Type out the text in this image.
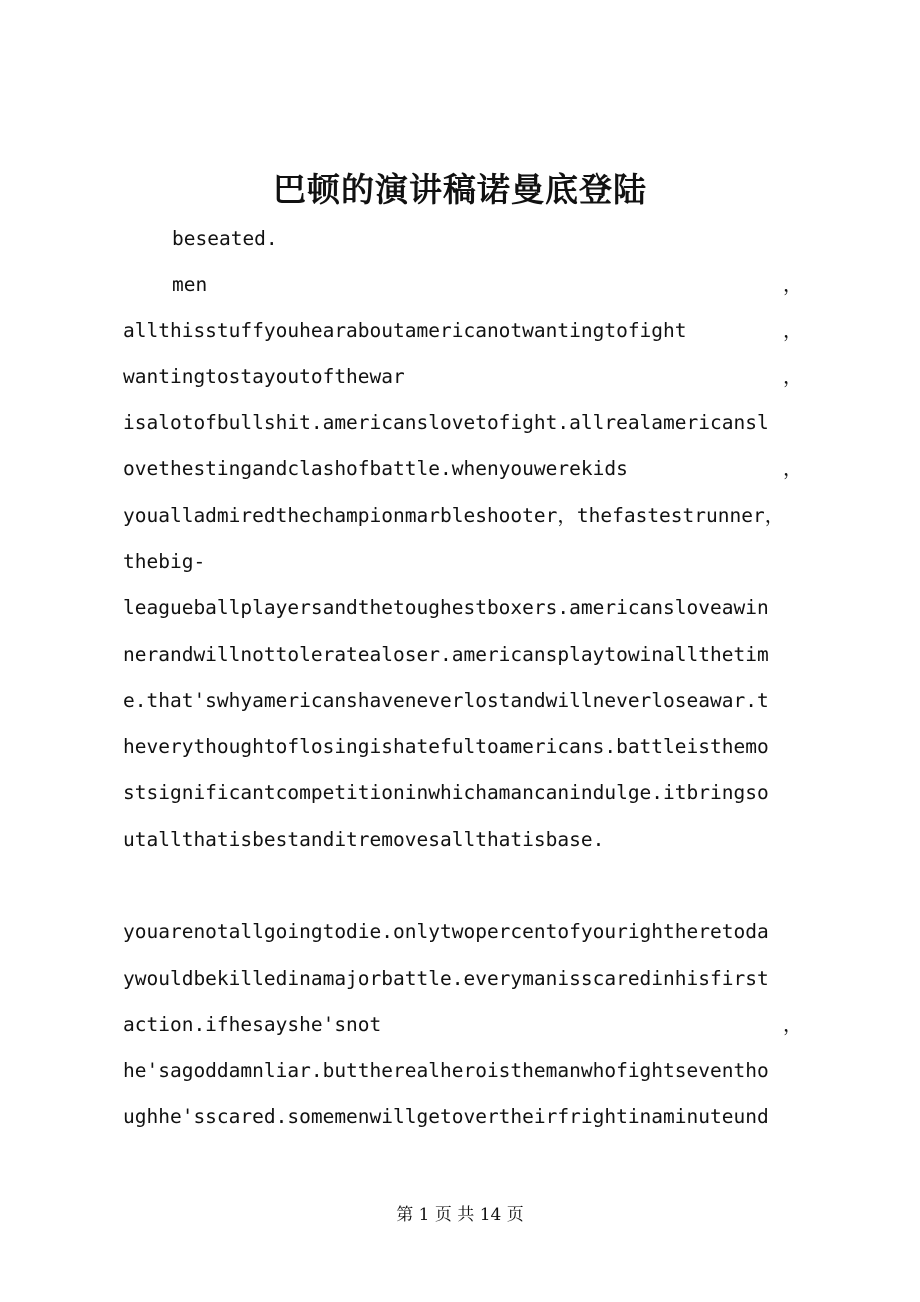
巴顿的演讲稿诺曼底登陆
beseated.
men	，
allthisstuffyouhearaboutamericanotwantingtofight	，
wantingtostayoutofthewar	，
isalotofbullshit.americanslovetofight.allrealamericansl
ovethestingandclashofbattle.whenyouwerekids	，
youalladmiredthechampionmarbleshooter，thefastestrunner，
thebig-
leagueballplayersandthetoughestboxers.americansloveawin
nerandwillnottoleratealoser.americansplaytowinallthetim
e.that'swhyamericanshaveneverlostandwillneverloseawar.t
heverythoughtoflosingishatefultoamericans.battleisthemo
stsignificantcompetitioninwhichamancanindulge.itbringso
utallthatisbestanditremovesallthatisbase.
youarenotallgoingtodie.onlytwopercentofyourightheretoda
ywouldbekilledinamajorbattle.everymanisscaredinhisfirst
action.ifhesayshe'snot	，
he'sagoddamnliar.buttherealheroisthemanwhofightseventho
ughhe'sscared.somemenwillgetovertheirfrightinaminuteund
第 1 页 共 14 页
